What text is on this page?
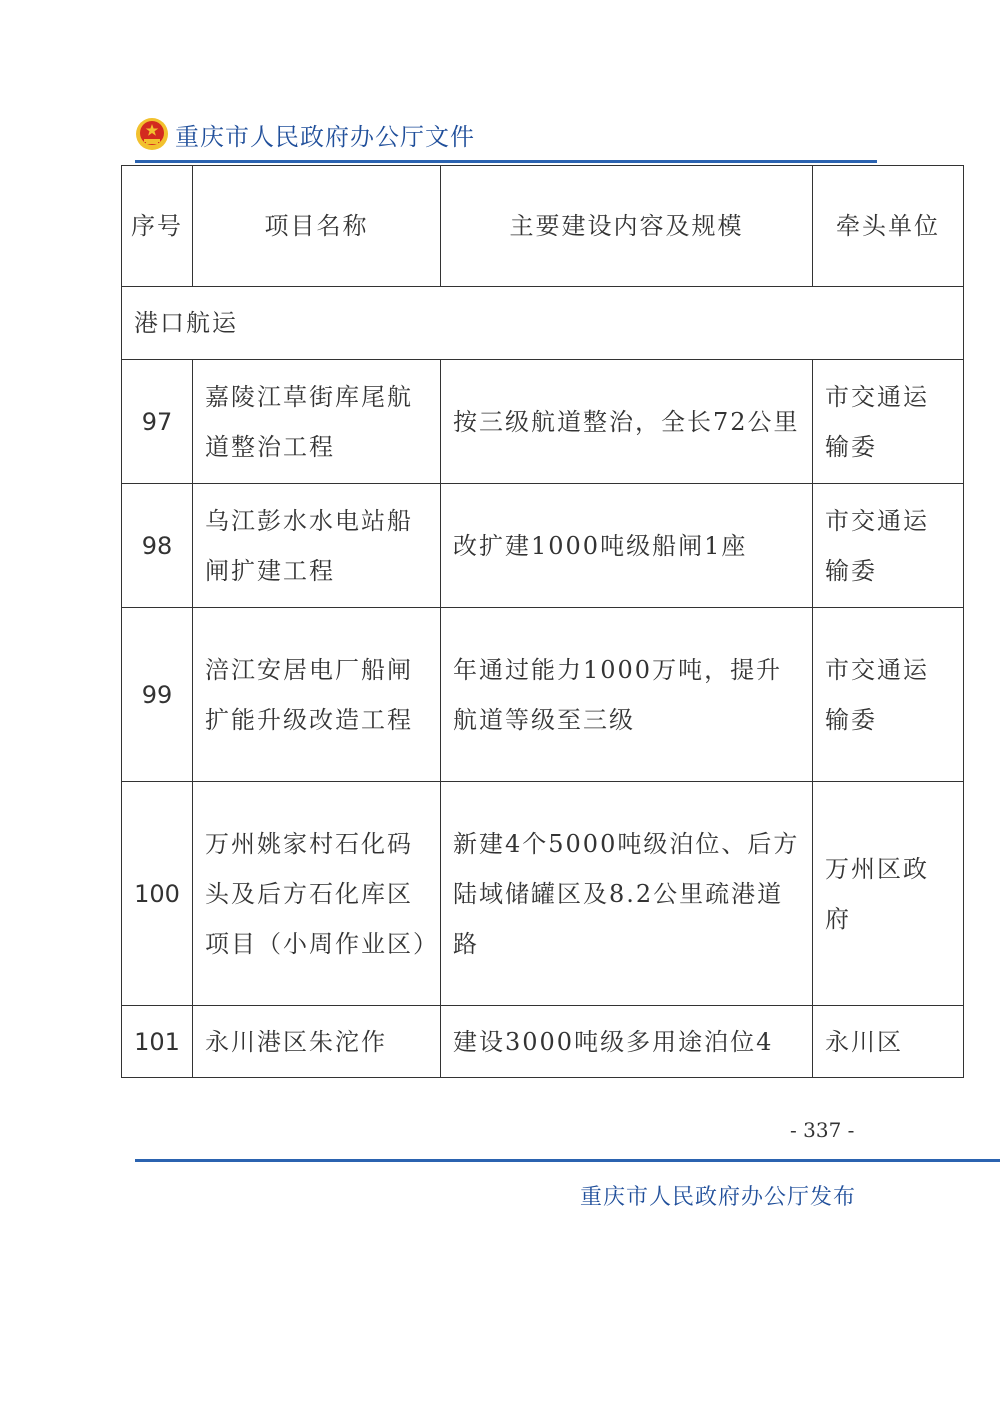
重庆市人民政府办公厅文件
序号	项目名称	主要建设内容及规模	牵头单位
港口航运			
97	嘉陵江草街库尾航道整治工程	按三级航道整治，全长72公里	市交通运输委
98	乌江彭水水电站船闸扩建工程	改扩建1000吨级船闸1座	市交通运输委
99	涪江安居电厂船闸扩能升级改造工程	年通过能力1000万吨，提升航道等级至三级	市交通运输委
100	万州姚家村石化码头及后方石化库区项目（小周作业区）	新建4个5000吨级泊位、后方陆域储罐区及8.2公里疏港道路	万州区政府
101	永川港区朱沱作	建设3000吨级多用途泊位4	永川区
- 337 -
重庆市人民政府办公厅发布
